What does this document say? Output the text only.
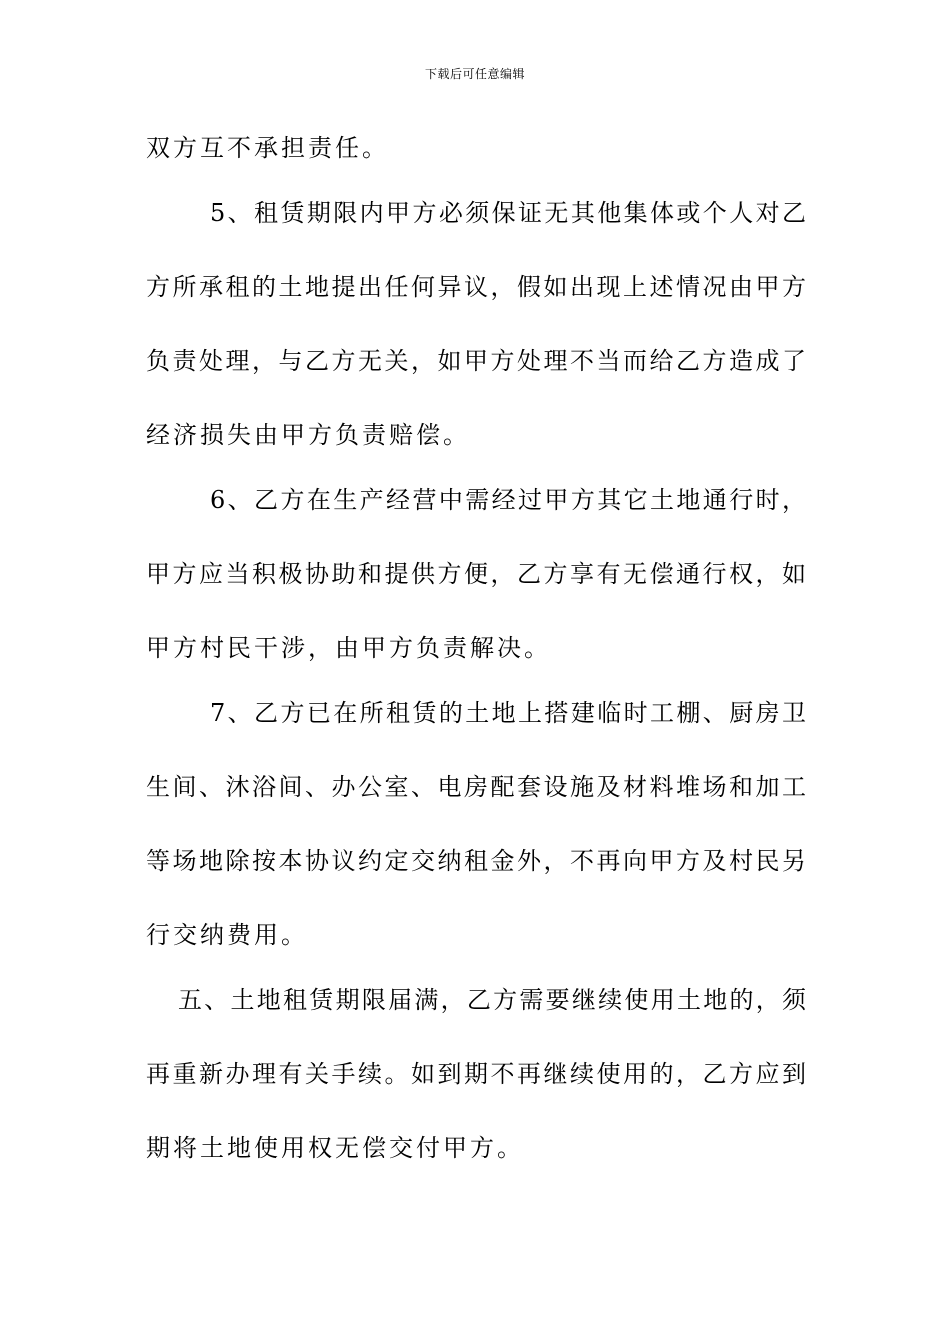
下载后可任意编辑
双方互不承担责任。
5、租赁期限内甲方必须保证无其他集体或个人对乙
方所承租的土地提出任何异议，假如出现上述情况由甲方
负责处理，与乙方无关，如甲方处理不当而给乙方造成了
经济损失由甲方负责赔偿。
6、乙方在生产经营中需经过甲方其它土地通行时，
甲方应当积极协助和提供方便，乙方享有无偿通行权，如
甲方村民干涉，由甲方负责解决。
7、乙方已在所租赁的土地上搭建临时工棚、厨房卫
生间、沐浴间、办公室、电房配套设施及材料堆场和加工
等场地除按本协议约定交纳租金外，不再向甲方及村民另
行交纳费用。
五、土地租赁期限届满，乙方需要继续使用土地的，须
再重新办理有关手续。如到期不再继续使用的，乙方应到
期将土地使用权无偿交付甲方。
